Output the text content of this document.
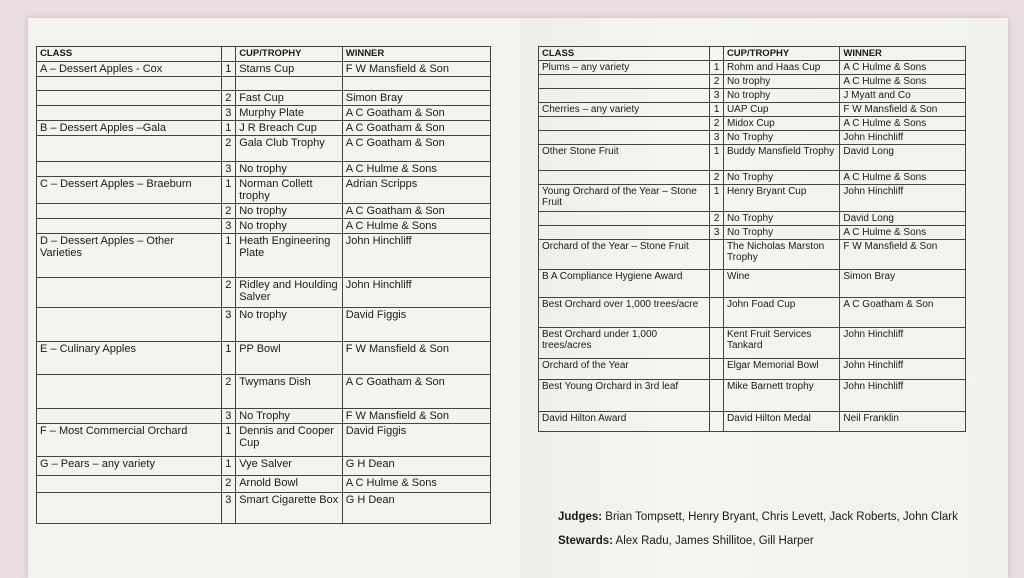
CLASS		CUP/TROPHY	WINNER
A – Dessert Apples - Cox	1	Starns Cup	F W Mansfield & Son

	2	Fast Cup	Simon Bray
	3	Murphy Plate	A C Goatham & Son
B – Dessert Apples –Gala	1	J R Breach Cup	A C Goatham & Son
	2	Gala Club Trophy	A C Goatham & Son
	3	No trophy	A C Hulme & Sons
C – Dessert Apples – Braeburn	1	Norman Collett trophy	Adrian Scripps
	2	No trophy	A C Goatham & Son
	3	No trophy	A C Hulme & Sons
D – Dessert Apples – Other Varieties	1	Heath Engineering Plate	John Hinchliff
	2	Ridley and Houlding Salver	John Hinchliff
	3	No trophy	David Figgis
E – Culinary Apples	1	PP Bowl	F W Mansfield & Son
	2	Twymans Dish	A C Goatham & Son
	3	No Trophy	F W Mansfield & Son
F – Most Commercial Orchard	1	Dennis and Cooper Cup	David Figgis
G – Pears – any variety	1	Vye Salver	G H Dean
	2	Arnold Bowl	A C Hulme & Sons
	3	Smart Cigarette Box	G H Dean
CLASS		CUP/TROPHY	WINNER
Plums – any variety	1	Rohm and Haas Cup	A C Hulme & Sons
	2	No trophy	A C Hulme & Sons
	3	No trophy	J Myatt and Co
Cherries – any variety	1	UAP Cup	F W Mansfield & Son
	2	Midox Cup	A C Hulme & Sons
	3	No Trophy	John Hinchliff
Other Stone Fruit	1	Buddy Mansfield Trophy	David Long
	2	No Trophy	A C Hulme & Sons
Young Orchard of the Year – Stone Fruit	1	Henry Bryant Cup	John Hinchliff
	2	No Trophy	David Long
	3	No Trophy	A C Hulme & Sons
Orchard of the Year – Stone Fruit		The Nicholas Marston Trophy	F W Mansfield & Son
B A Compliance Hygiene Award		Wine	Simon Bray
Best Orchard over 1,000 trees/acre		John Foad Cup	A C Goatham & Son
Best Orchard under 1,000 trees/acres		Kent Fruit Services Tankard	John Hinchliff
Orchard of the Year		Elgar Memorial Bowl	John Hinchliff
Best Young Orchard in 3rd leaf		Mike Barnett trophy	John Hinchliff
David Hilton Award		David Hilton Medal	Neil Franklin
Judges: Brian Tompsett, Henry Bryant, Chris Levett, Jack Roberts, John Clark
Stewards: Alex Radu, James Shillitoe, Gill Harper
